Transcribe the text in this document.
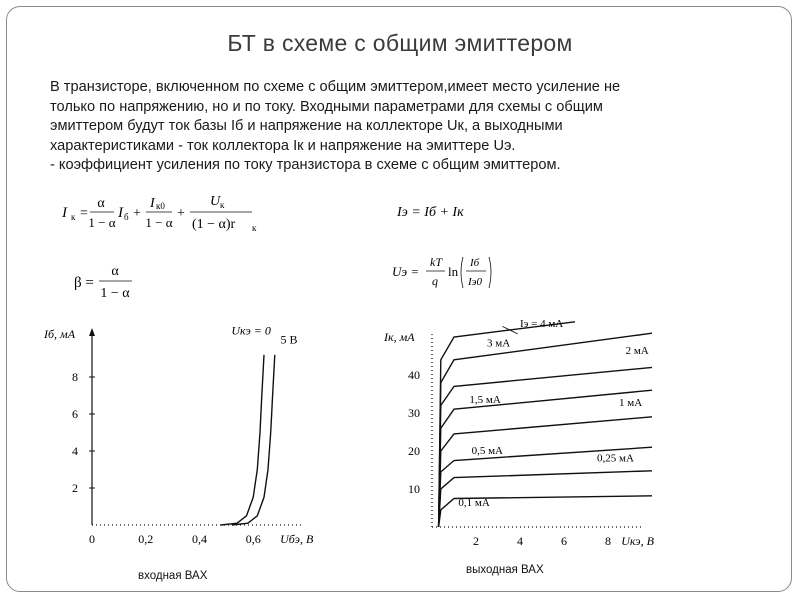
БТ в схеме с общим эмиттером

В транзисторе, включенном по схеме с общим эмиттером,имеет место усиление не

только по напряжению, но и по току. Входными параметрами для схемы с общим

эмиттером будут ток базы Iб и напряжение на коллекторе Uк, а выходными

характеристиками - ток коллектора Iк и напряжение на эмиттере Uэ.

- коэффициент усиления по току транзистора в схеме с общим эмиттером.

I к =
α
1 − α
I б +
I к0
1 − α
+
U к
(1 − α)r к
Iэ = Iб + Iк
β =
α
1 − α
Uэ =
kT
q
ln
Iб
Iэ0
0	0,2	0,4	0,6
2
4
6
8
Iб, мА
Uбэ, В
Uкэ = 0
5 В
входная ВАХ
2	4	6	8
10
20
30
40
0,1 мА
0,25 мА
0,5 мА
1 мА
1,5 мА
2 мА
3 мА
Iэ = 4 мА
Iк, мА
Uкэ, В
выходная ВАХ
